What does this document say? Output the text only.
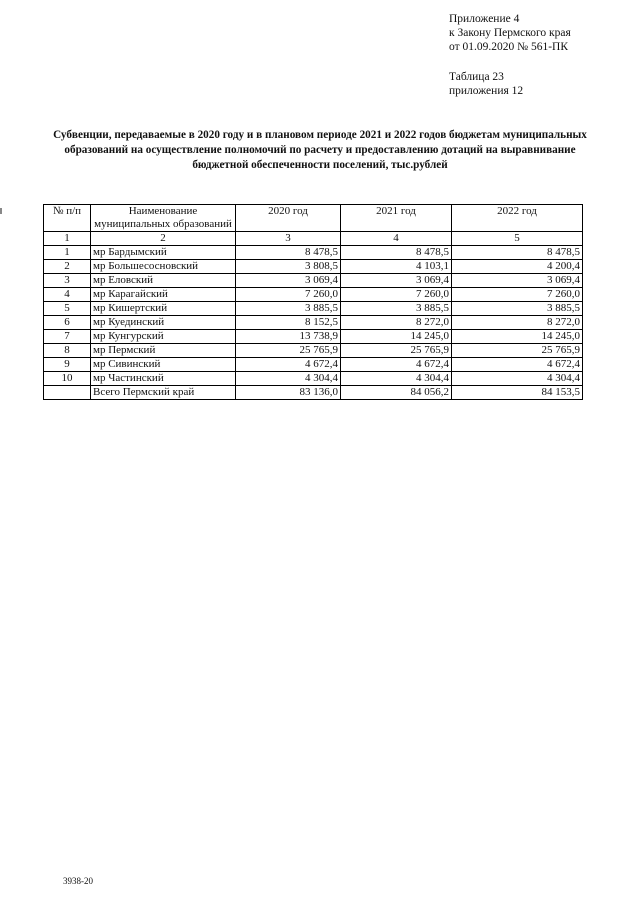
Приложение 4
к Закону Пермского края
от 01.09.2020 № 561-ПК
Таблица 23
приложения 12
Субвенции, передаваемые в 2020 году и в плановом периоде 2021 и 2022 годов бюджетам муниципальных
образований на осуществление полномочий по расчету и предоставлению дотаций на выравнивание
бюджетной обеспеченности поселений, тыс.рублей
№ п/п	Наименование муниципальных образований	2020 год	2021 год	2022 год
1	2	3	4	5
1	мр Бардымский	8 478,5	8 478,5	8 478,5
2	мр Большесосновский	3 808,5	4 103,1	4 200,4
3	мр Еловский	3 069,4	3 069,4	3 069,4
4	мр Карагайский	7 260,0	7 260,0	7 260,0
5	мр Кишертский	3 885,5	3 885,5	3 885,5
6	мр Куединский	8 152,5	8 272,0	8 272,0
7	мр Кунгурский	13 738,9	14 245,0	14 245,0
8	мр Пермский	25 765,9	25 765,9	25 765,9
9	мр Сивинский	4 672,4	4 672,4	4 672,4
10	мр Частинский	4 304,4	4 304,4	4 304,4
	Всего Пермский край	83 136,0	84 056,2	84 153,5
3938-20
